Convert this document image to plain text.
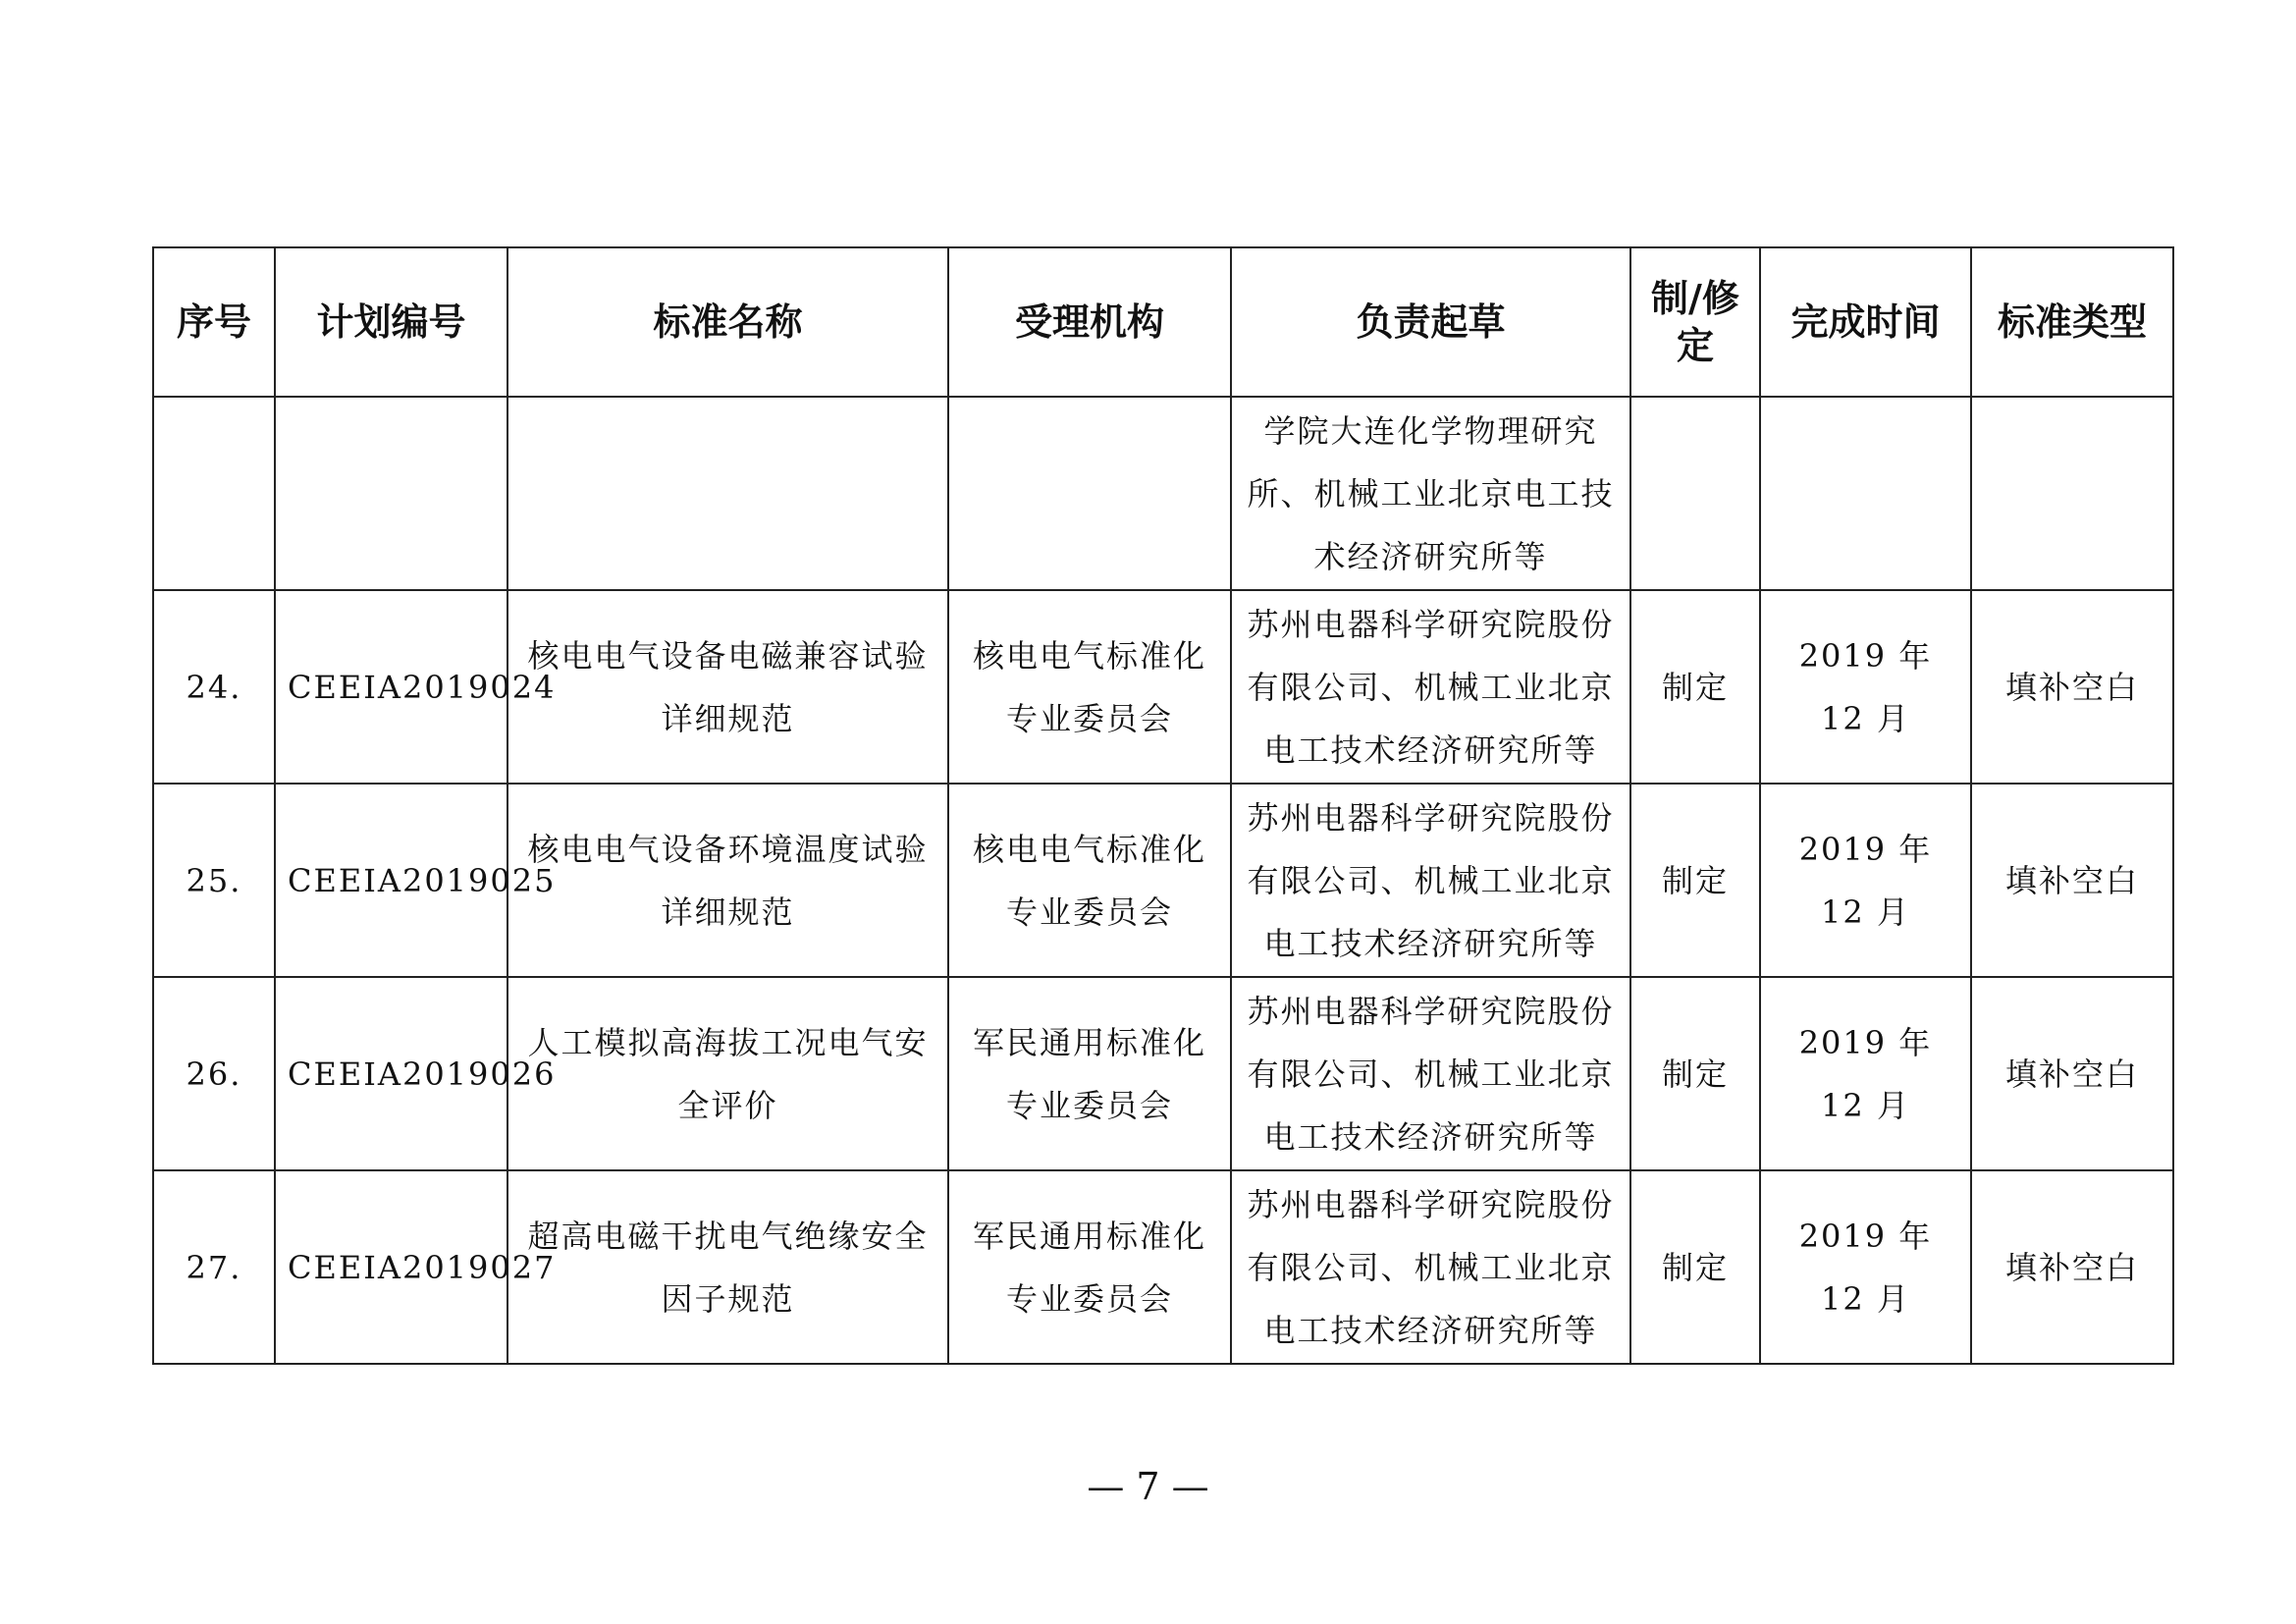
序号	计划编号	标准名称	受理机构	负责起草	制/修定	完成时间	标准类型
				学院大连化学物理研究所、机械工业北京电工技术经济研究所等			
24.	CEEIA2019024	核电电气设备电磁兼容试验详细规范	核电电气标准化专业委员会	苏州电器科学研究院股份有限公司、机械工业北京电工技术经济研究所等	制定	2019 年 12 月	填补空白
25.	CEEIA2019025	核电电气设备环境温度试验详细规范	核电电气标准化专业委员会	苏州电器科学研究院股份有限公司、机械工业北京电工技术经济研究所等	制定	2019 年 12 月	填补空白
26.	CEEIA2019026	人工模拟高海拔工况电气安全评价	军民通用标准化专业委员会	苏州电器科学研究院股份有限公司、机械工业北京电工技术经济研究所等	制定	2019 年 12 月	填补空白
27.	CEEIA2019027	超高电磁干扰电气绝缘安全因子规范	军民通用标准化专业委员会	苏州电器科学研究院股份有限公司、机械工业北京电工技术经济研究所等	制定	2019 年 12 月	填补空白
— 7 —
